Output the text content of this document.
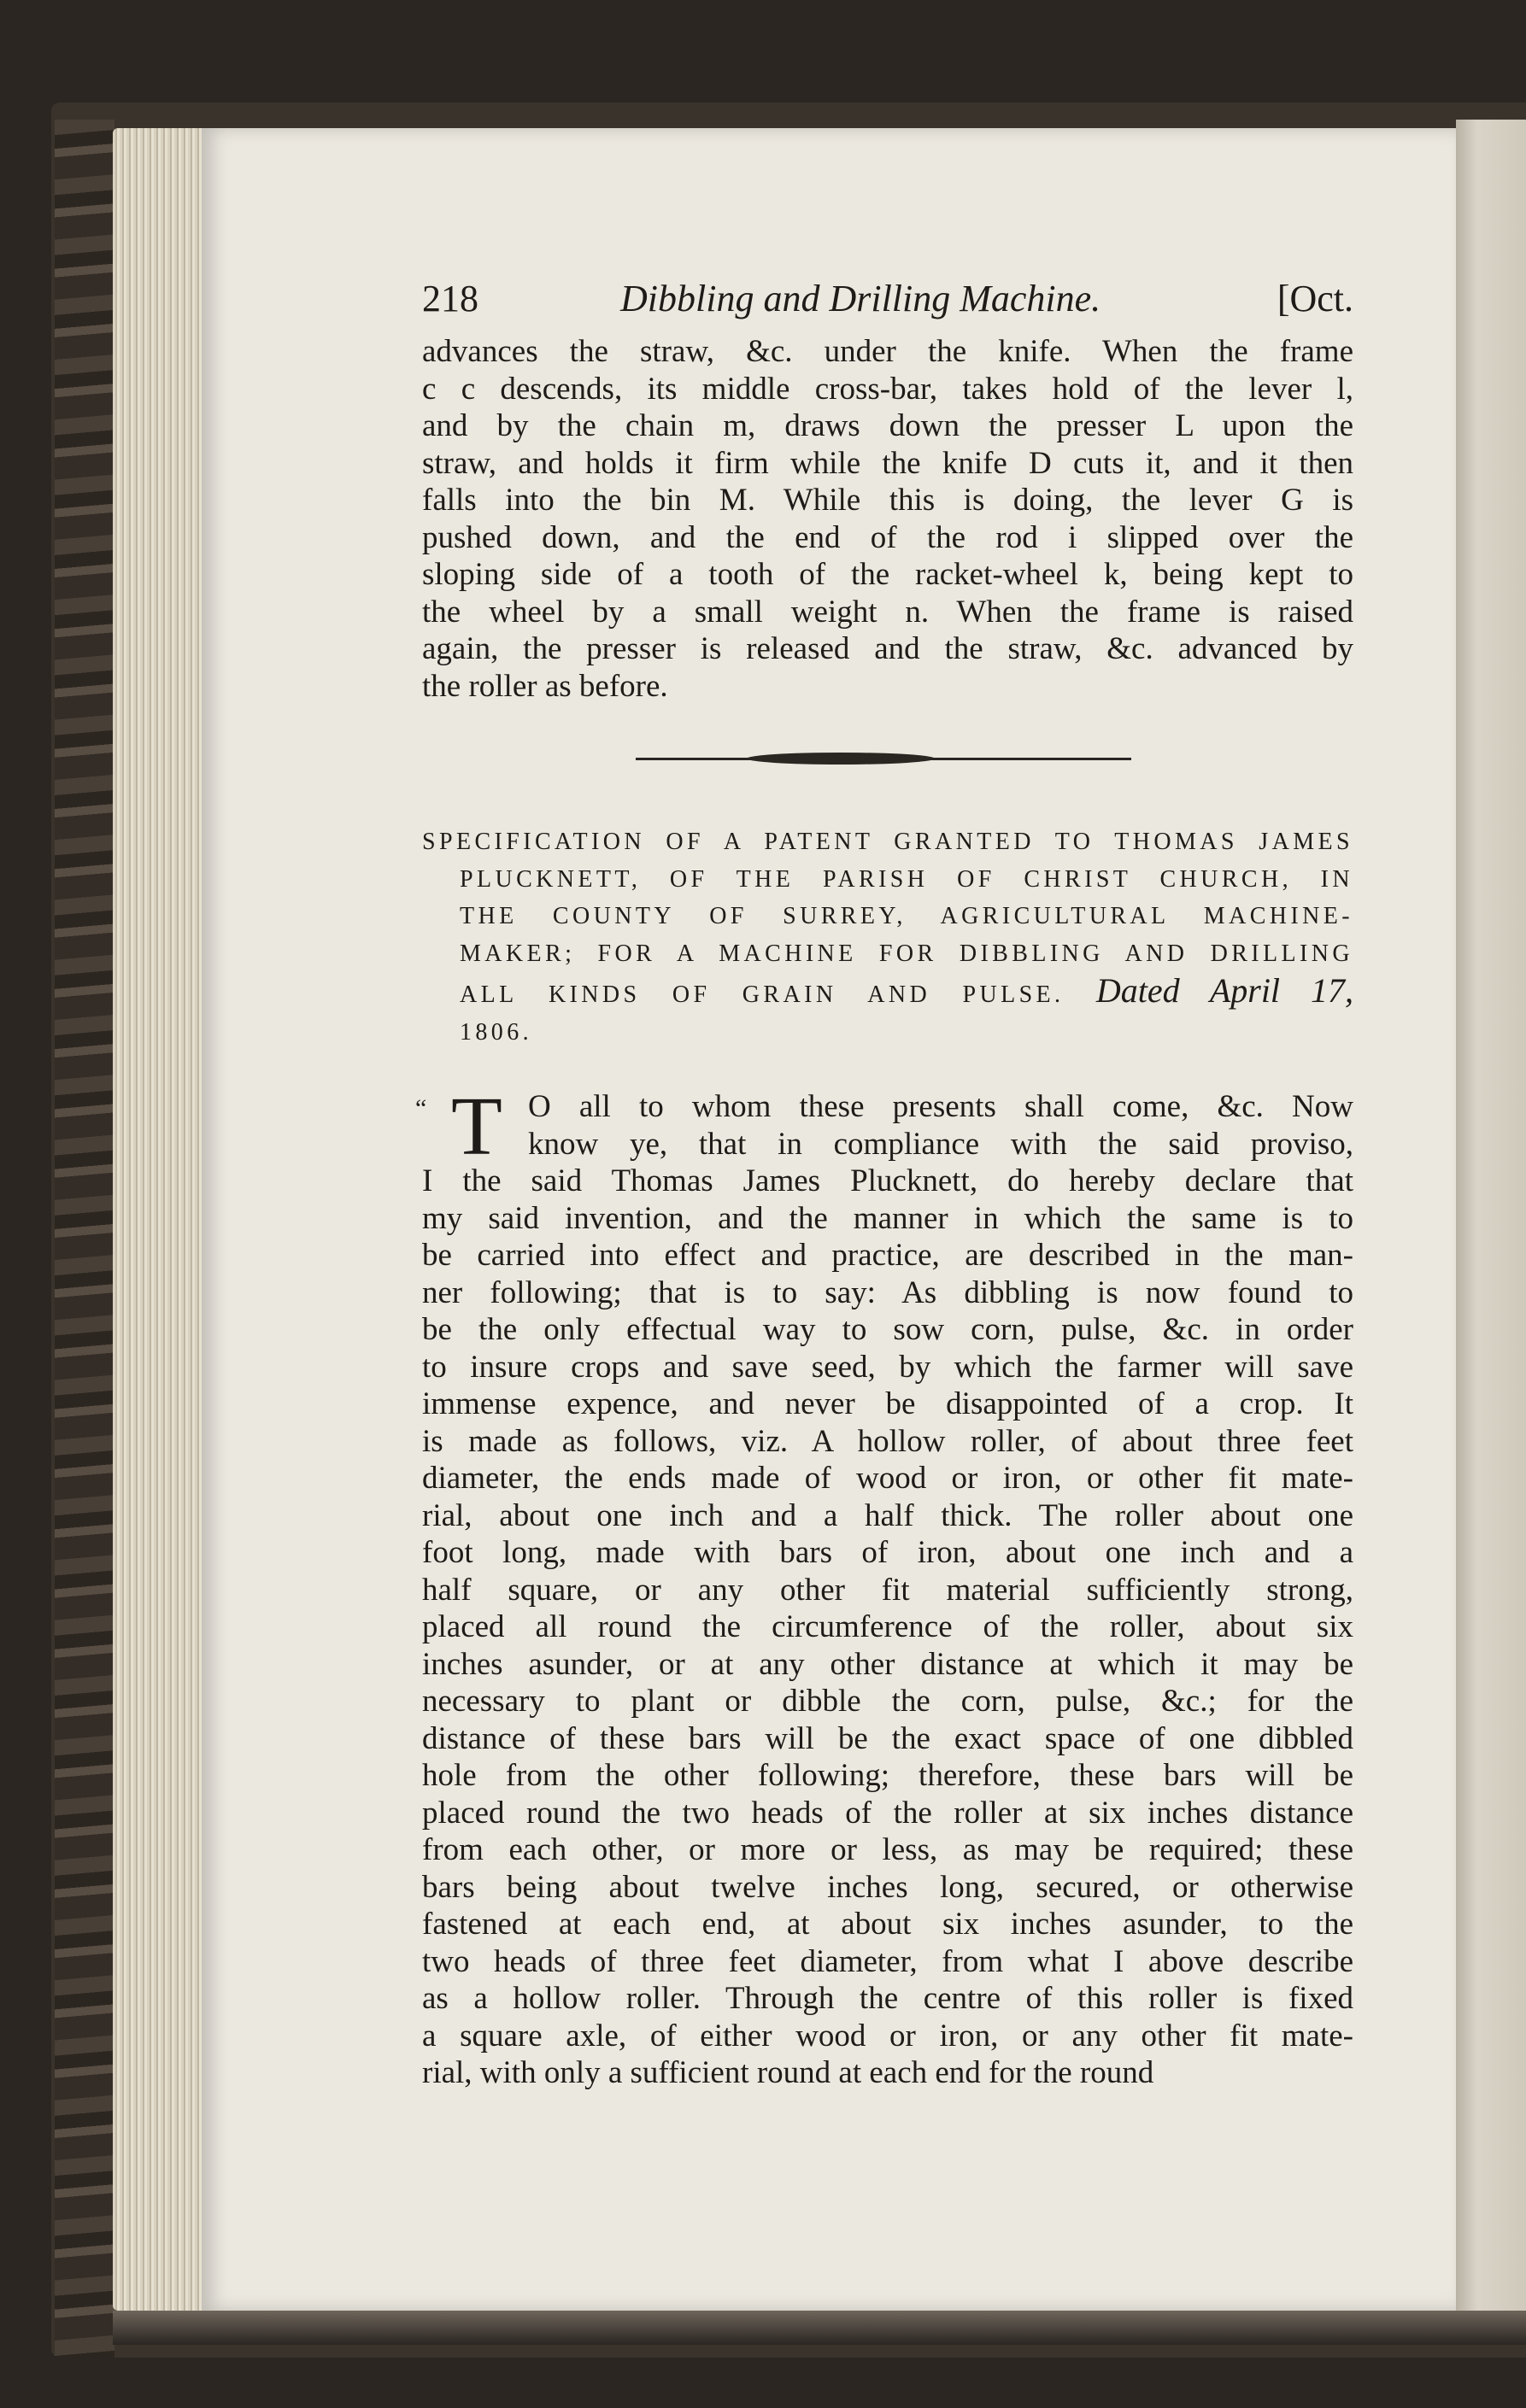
218	Dibbling and Drilling Machine.	[Oct.

advances the straw, &c. under the knife. When the frame
c c descends, its middle cross-bar, takes hold of the lever l,
and by the chain m, draws down the presser L upon the
straw, and holds it firm while the knife D cuts it, and it then
falls into the bin M. While this is doing, the lever G is
pushed down, and the end of the rod i slipped over the
sloping side of a tooth of the racket-wheel k, being kept to
the wheel by a small weight n. When the frame is raised
again, the presser is released and the straw, &c. advanced by
the roller as before.

SPECIFICATION OF A PATENT GRANTED TO THOMAS JAMES
PLUCKNETT, OF THE PARISH OF CHRIST CHURCH, IN
THE COUNTY OF SURREY, AGRICULTURAL MACHINE-
MAKER; FOR A MACHINE FOR DIBBLING AND DRILLING
ALL KINDS OF GRAIN AND PULSE. Dated April 17,
1806.
“ T O all to whom these presents shall come, &c. Now
know ye, that in compliance with the said proviso,
I the said Thomas James Plucknett, do hereby declare that
my said invention, and the manner in which the same is to
be carried into effect and practice, are described in the man-
ner following; that is to say: As dibbling is now found to
be the only effectual way to sow corn, pulse, &c. in order
to insure crops and save seed, by which the farmer will save
immense expence, and never be disappointed of a crop. It
is made as follows, viz. A hollow roller, of about three feet
diameter, the ends made of wood or iron, or other fit mate-
rial, about one inch and a half thick. The roller about one
foot long, made with bars of iron, about one inch and a
half square, or any other fit material sufficiently strong,
placed all round the circumference of the roller, about six
inches asunder, or at any other distance at which it may be
necessary to plant or dibble the corn, pulse, &c.; for the
distance of these bars will be the exact space of one dibbled
hole from the other following; therefore, these bars will be
placed round the two heads of the roller at six inches distance
from each other, or more or less, as may be required; these
bars being about twelve inches long, secured, or otherwise
fastened at each end, at about six inches asunder, to the
two heads of three feet diameter, from what I above describe
as a hollow roller. Through the centre of this roller is fixed
a square axle, of either wood or iron, or any other fit mate-
rial, with only a sufficient round at each end for the round
